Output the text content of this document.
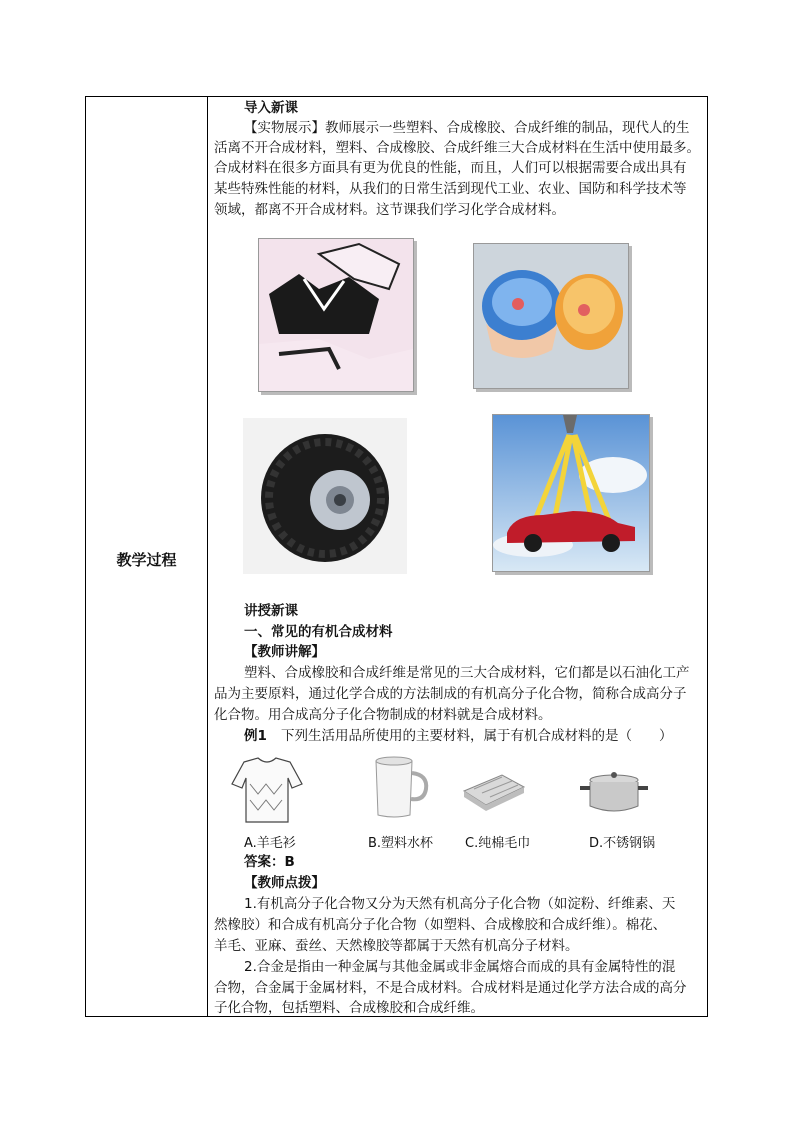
教学过程
导入新课
【实物展示】教师展示一些塑料、合成橡胶、合成纤维的制品，现代人的生
活离不开合成材料，塑料、合成橡胶、合成纤维三大合成材料在生活中使用最多。
合成材料在很多方面具有更为优良的性能，而且，人们可以根据需要合成出具有
某些特殊性能的材料，从我们的日常生活到现代工业、农业、国防和科学技术等
领域，都离不开合成材料。这节课我们学习化学合成材料。
讲授新课
一、常见的有机合成材料
【教师讲解】
塑料、合成橡胶和合成纤维是常见的三大合成材料，它们都是以石油化工产
品为主要原料，通过化学合成的方法制成的有机高分子化合物，简称合成高分子
化合物。用合成高分子化合物制成的材料就是合成材料。
例1 下列生活用品所使用的主要材料，属于有机合成材料的是（　　）
A.羊毛衫	B.塑料水杯 C.纯棉毛巾	D.不锈钢锅
答案：B
【教师点拨】
1.有机高分子化合物又分为天然有机高分子化合物（如淀粉、纤维素、天
然橡胶）和合成有机高分子化合物（如塑料、合成橡胶和合成纤维）。棉花、
羊毛、亚麻、蚕丝、天然橡胶等都属于天然有机高分子材料。
2.合金是指由一种金属与其他金属或非金属熔合而成的具有金属特性的混
合物，合金属于金属材料，不是合成材料。合成材料是通过化学方法合成的高分
子化合物，包括塑料、合成橡胶和合成纤维。
